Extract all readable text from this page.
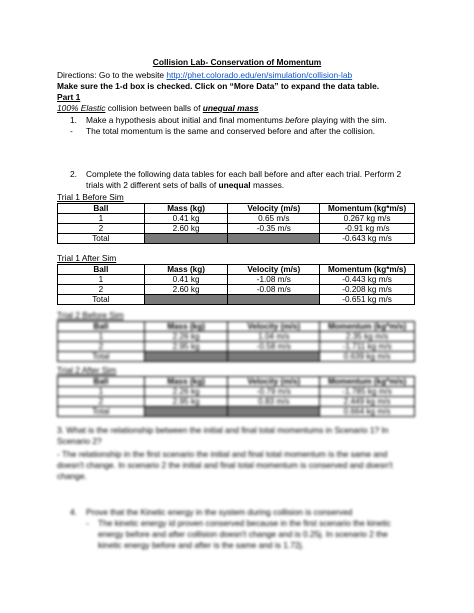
Collision Lab- Conservation of Momentum
Directions: Go to the website http://phet.colorado.edu/en/simulation/collision-lab
Make sure the 1-d box is checked. Click on “More Data” to expand the data table.
Part 1
100% Elastic collision between balls of unequal mass
1. Make a hypothesis about initial and final momentums before playing with the sim.
- The total momentum is the same and conserved before and after the collision.
2. Complete the following data tables for each ball before and after each trial. Perform 2
trials with 2 different sets of balls of unequal masses.
Trial 1 Before Sim
Ball	Mass (kg)	Velocity (m/s)	Momentum (kg*m/s)
1	0.41 kg	0.65 m/s	0.267 kg m/s
2	2.60 kg	-0.35 m/s	-0.91 kg m/s
Total			-0.643 kg m/s
Trial 1 After Sim
Ball	Mass (kg)	Velocity (m/s)	Momentum (kg*m/s)
1	0.41 kg	-1.08 m/s	-0.443 kg m/s
2	2.60 kg	-0.08 m/s	-0.208 kg m/s
Total			-0.651 kg m/s
Trial 2 Before Sim
Ball	Mass (kg)	Velocity (m/s)	Momentum (kg*m/s)
1	2.26 kg	1.04 m/s	2.35 kg m/s
2	2.95 kg	-0.58 m/s	-1.711 kg m/s
Total			0.639 kg m/s
Trial 2 After Sim
Ball	Mass (kg)	Velocity (m/s)	Momentum (kg*m/s)
1	2.26 kg	-0.79 m/s	-1.785 kg m/s
2	2.95 kg	0.83 m/s	2.449 kg m/s
Total			0.664 kg m/s
3. What is the relationship between the initial and final total momentums in Scenario 1? In
Scenario 2?
- The relationship in the first scenario the initial and final total momentum is the same and
doesn't change. In scenario 2 the initial and final total momentum is conserved and doesn't
change.
4. Prove that the Kinetic energy in the system during collision is conserved
- The kinetic energy id proven conserved because in the first scenario the kinetic
energy before and after collision doesn't change and is 0.25j. In scenario 2 the
kinetic energy before and after is the same and is 1.72j.
